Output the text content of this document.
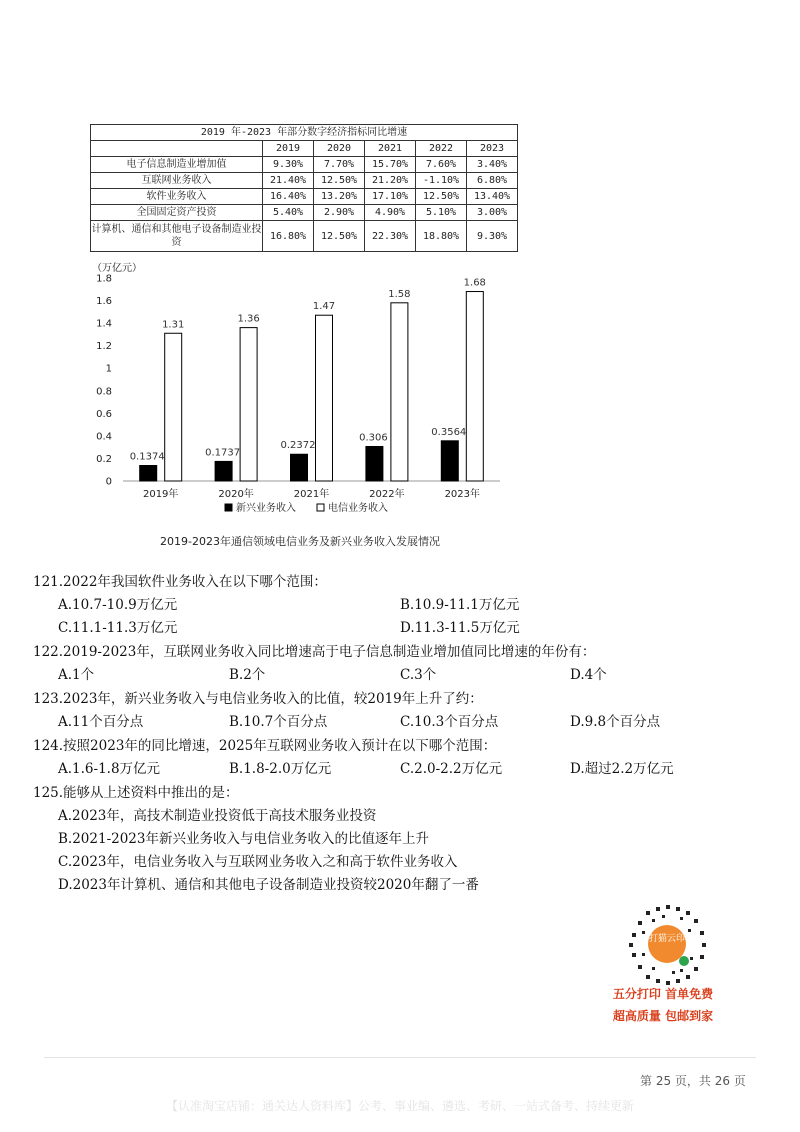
2019 年-2023 年部分数字经济指标同比增速					
	2019	2020	2021	2022	2023
电子信息制造业增加值	9.30%	7.70%	15.70%	7.60%	3.40%
互联网业务收入	21.40%	12.50%	21.20%	-1.10%	6.80%
软件业务收入	16.40%	13.20%	17.10%	12.50%	13.40%
全国固定资产投资	5.40%	2.90%	4.90%	5.10%	3.00%
计算机、通信和其他电子设备制造业投资	16.80%	12.50%	22.30%	18.80%	9.30%
（万亿元）
0
0.2
0.4
0.6
0.8
1
1.2
1.4
1.6
1.8
0.1374
1.31
2019年
0.1737
1.36
2020年
0.2372
1.47
2021年
0.306
1.58
2022年
0.3564
1.68
2023年
新兴业务收入	电信业务收入
2019-2023年通信领域电信业务及新兴业务收入发展情况
121.2022年我国软件业务收入在以下哪个范围：
A.10.7-10.9万亿元	B.10.9-11.1万亿元
C.11.1-11.3万亿元	D.11.3-11.5万亿元
122.2019-2023年，互联网业务收入同比增速高于电子信息制造业增加值同比增速的年份有：
A.1个	B.2个	C.3个	D.4个
123.2023年，新兴业务收入与电信业务收入的比值，较2019年上升了约：
A.11个百分点	B.10.7个百分点	C.10.3个百分点	D.9.8个百分点
124.按照2023年的同比增速，2025年互联网业务收入预计在以下哪个范围：
A.1.6-1.8万亿元	B.1.8-2.0万亿元	C.2.0-2.2万亿元	D.超过2.2万亿元
125.能够从上述资料中推出的是：
A.2023年，高技术制造业投资低于高技术服务业投资
B.2021-2023年新兴业务收入与电信业务收入的比值逐年上升
C.2023年，电信业务收入与互联网业务收入之和高于软件业务收入
D.2023年计算机、通信和其他电子设备制造业投资较2020年翻了一番
打猫云印
五分打印 首单免费
超高质量 包邮到家
第 25 页，共 26 页
【认准淘宝店铺：通关达人资料库】公考、事业编、遴选、考研、一站式备考、持续更新
